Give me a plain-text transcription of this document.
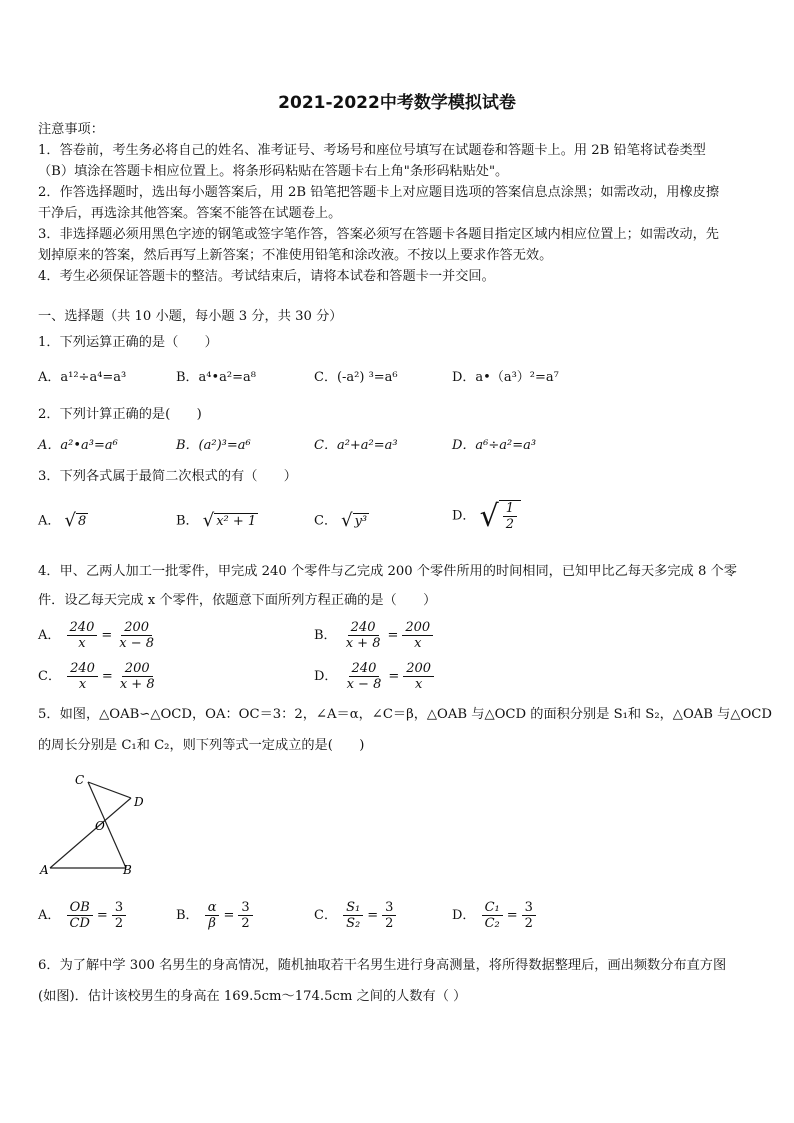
2021-2022中考数学模拟试卷
注意事项：
1．答卷前，考生务必将自己的姓名、准考证号、考场号和座位号填写在试题卷和答题卡上。用 2B 铅笔将试卷类型
（B）填涂在答题卡相应位置上。将条形码粘贴在答题卡右上角"条形码粘贴处"。
2．作答选择题时，选出每小题答案后，用 2B 铅笔把答题卡上对应题目选项的答案信息点涂黑；如需改动，用橡皮擦
干净后，再选涂其他答案。答案不能答在试题卷上。
3．非选择题必须用黑色字迹的钢笔或签字笔作答，答案必须写在答题卡各题目指定区域内相应位置上；如需改动，先
划掉原来的答案，然后再写上新答案；不准使用铅笔和涂改液。不按以上要求作答无效。
4．考生必须保证答题卡的整洁。考试结束后，请将本试卷和答题卡一并交回。
一、选择题（共 10 小题，每小题 3 分，共 30 分）
1．下列运算正确的是（　　）
A．a¹²÷a⁴=a³	B．a⁴•a²=a⁸	C．(-a²) ³=a⁶	D．a•（a³）²=a⁷
2．下列计算正确的是(　　)
A．a²•a³=a⁶	B．(a²)³=a⁶	C．a²+a²=a³	D．a⁶÷a²=a³
3．下列各式属于最简二次根式的有（　　）
A． √ 8	B． √ x² + 1	C． √ y³	D． √ $\frac{1}{2}$
4．甲、乙两人加工一批零件，甲完成 240 个零件与乙完成 200 个零件所用的时间相同，已知甲比乙每天多完成 8 个零
件．设乙每天完成 x 个零件，依题意下面所列方程正确的是（　　）
A． $\frac{240}{x} = \frac{200}{x - 8}$	B． $\frac{240}{x + 8} = \frac{200}{x}$
C． $\frac{240}{x} = \frac{200}{x + 8}$	D． $\frac{240}{x - 8} = \frac{200}{x}$
5．如图，△OAB∽△OCD，OA：OC＝3：2，∠A＝α，∠C＝β，△OAB 与△OCD 的面积分别是 S₁和 S₂，△OAB 与△OCD
的周长分别是 C₁和 C₂，则下列等式一定成立的是(　　)
C
D
O
A	B
A． $\frac{OB}{CD} = \frac{3}{2}$	B． $\frac{\alpha}{\beta} = \frac{3}{2}$	C． $\frac{\text{S₁}}{\text{S₂}} = \frac{3}{2}$	D． $\frac{\text{C₁}}{\text{C₂}} = \frac{3}{2}$
6．为了解中学 300 名男生的身高情况，随机抽取若干名男生进行身高测量，将所得数据整理后，画出频数分布直方图
(如图)．估计该校男生的身高在 169.5cm～174.5cm 之间的人数有（ ）
